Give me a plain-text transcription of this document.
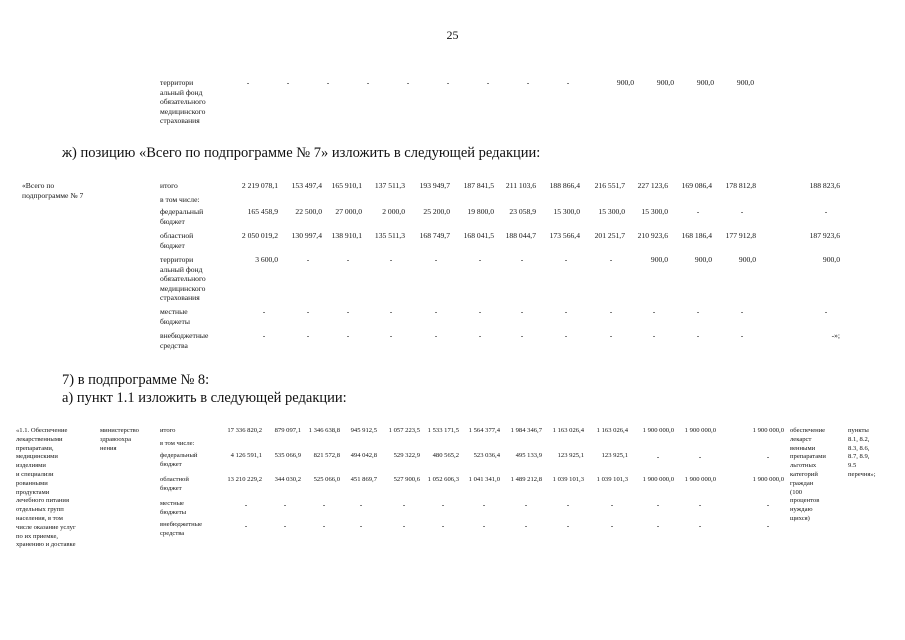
25
территори
альный фонд
обязательного
медицинского
страхования
-	-	-	-	-	-	-	-	-	900,0	900,0	900,0	900,0
ж) позицию «Всего по подпрограмме № 7» изложить в следующей редакции:
«Всего по
подпрограмме № 7
итого	2 219 078,1	153 497,4	165 910,1	137 511,3	193 949,7	187 841,5	211 103,6	188 866,4	216 551,7	227 123,6	169 086,4	178 812,8	188 823,6
в том числе:
федеральный
бюджет
165 458,9	22 500,0	27 000,0	2 000,0	25 200,0	19 800,0	23 058,9	15 300,0	15 300,0	15 300,0	-	-	-
областной
бюджет
2 050 019,2	130 997,4	138 910,1	135 511,3	168 749,7	168 041,5	188 044,7	173 566,4	201 251,7	210 923,6	168 186,4	177 912,8	187 923,6
территори
альный фонд
обязательного
медицинского
страхования
3 600,0	-	-	-	-	-	-	-	-	900,0	900,0	900,0	900,0
местные
бюджеты
-	-	-	-	-	-	-	-	-	-	-	-	-
внебюджетные
средства
-	-	-	-	-	-	-	-	-	-	-	-	-»;
7) в подпрограмме № 8:
а) пункт 1.1 изложить в следующей редакции:
«1.1. Обеспечение
лекарственными
препаратами,
медицинскими
изделиями
и специализи
рованными
продуктами
лечебного питания
отдельных групп
населения, в том
числе оказание услуг
по их приемке,
хранению и доставке
министерство
здравоохра
нения
итого	17 336 820,2	879 097,1	1 346 638,8	945 912,5	1 057 223,5	1 533 171,5	1 564 377,4	1 984 346,7	1 163 026,4	1 163 026,4	1 900 000,0	1 900 000,0	1 900 000,0
в том числе:
федеральный
бюджет
4 126 591,1	535 066,9	821 572,8	494 042,8	529 322,9	480 565,2	523 036,4	495 133,9	123 925,1	123 925,1	-	-	-
областной
бюджет
13 210 229,2	344 030,2	525 066,0	451 869,7	527 900,6	1 052 606,3	1 041 341,0	1 489 212,8	1 039 101,3	1 039 101,3	1 900 000,0	1 900 000,0	1 900 000,0
местные
бюджеты
-	-	-	-	-	-	-	-	-	-	-	-	-
внебюджетные
средства
-	-	-	-	-	-	-	-	-	-	-	-	-
обеспечение
лекарст
венными
препаратами
льготных
категорий
граждан
(100
процентов
нуждаю
щихся)
пункты
8.1, 8.2,
8.3, 8.6,
8.7, 8.9,
9.5
перечня»;
